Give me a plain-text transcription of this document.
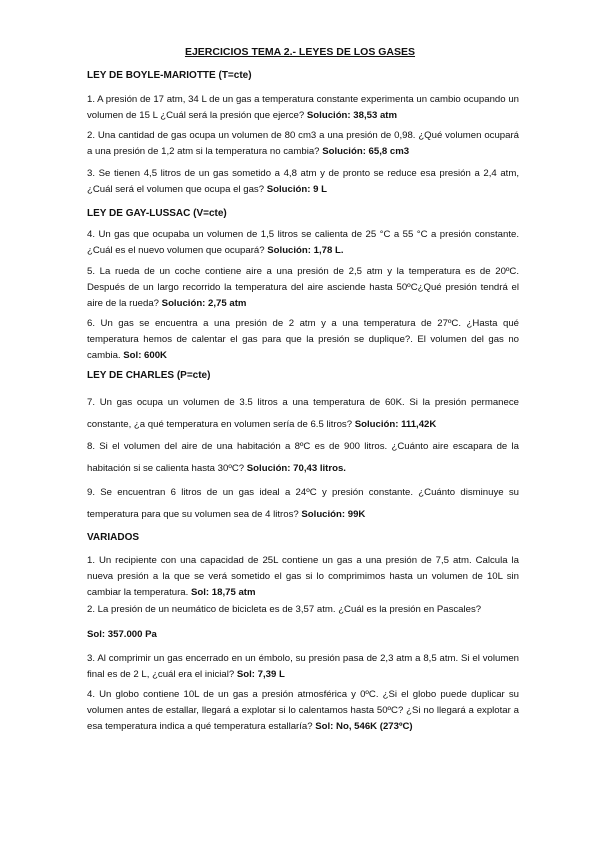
EJERCICIOS TEMA 2.- LEYES DE LOS GASES
LEY DE BOYLE-MARIOTTE (T=cte)
1. A presión de 17 atm, 34 L de un gas a temperatura constante experimenta un cambio ocupando un volumen de 15 L ¿Cuál será la presión que ejerce? Solución: 38,53 atm
2. Una cantidad de gas ocupa un volumen de 80 cm3 a una presión de 0,98. ¿Qué volumen ocupará a una presión de 1,2 atm si la temperatura no cambia? Solución: 65,8 cm3
3. Se tienen 4,5 litros de un gas sometido a 4,8 atm y de pronto se reduce esa presión a 2,4 atm, ¿Cuál será el volumen que ocupa el gas? Solución: 9 L
LEY DE GAY-LUSSAC (V=cte)
4. Un gas que ocupaba un volumen de 1,5 litros se calienta de 25 °C a 55 °C a presión constante. ¿Cuál es el nuevo volumen que ocupará? Solución: 1,78 L.
5. La rueda de un coche contiene aire a una presión de 2,5 atm y la temperatura es de 20ºC. Después de un largo recorrido la temperatura del aire asciende hasta 50ºC¿Qué presión tendrá el aire de la rueda? Solución: 2,75 atm
6. Un gas se encuentra a una presión de 2 atm y a una temperatura de 27ºC. ¿Hasta qué temperatura hemos de calentar el gas para que la presión se duplique?. El volumen del gas no cambia. Sol: 600K
LEY DE CHARLES (P=cte)
7. Un gas ocupa un volumen de 3.5 litros a una temperatura de 60K. Si la presión permanece constante, ¿a qué temperatura en volumen sería de 6.5 litros? Solución: 111,42K
8. Si el volumen del aire de una habitación a 8ºC es de 900 litros. ¿Cuánto aire escapara de la habitación si se calienta hasta 30ºC? Solución: 70,43 litros.
9. Se encuentran 6 litros de un gas ideal a 24ºC y presión constante. ¿Cuánto disminuye su temperatura para que su volumen sea de 4 litros? Solución: 99K
VARIADOS
1. Un recipiente con una capacidad de 25L contiene un gas a una presión de 7,5 atm. Calcula la nueva presión a la que se verá sometido el gas si lo comprimimos hasta un volumen de 10L sin cambiar la temperatura. Sol: 18,75 atm
2. La presión de un neumático de bicicleta es de 3,57 atm. ¿Cuál es la presión en Pascales?
Sol: 357.000 Pa
3. Al comprimir un gas encerrado en un émbolo, su presión pasa de 2,3 atm a 8,5 atm. Si el volumen final es de 2 L, ¿cuál era el inicial? Sol: 7,39 L
4. Un globo contiene 10L de un gas a presión atmosférica y 0ºC. ¿Si el globo puede duplicar su volumen antes de estallar, llegará a explotar si lo calentamos hasta 50ºC? ¿Si no llegará a explotar a esa temperatura indica a qué temperatura estallaría? Sol: No, 546K (273ºC)
